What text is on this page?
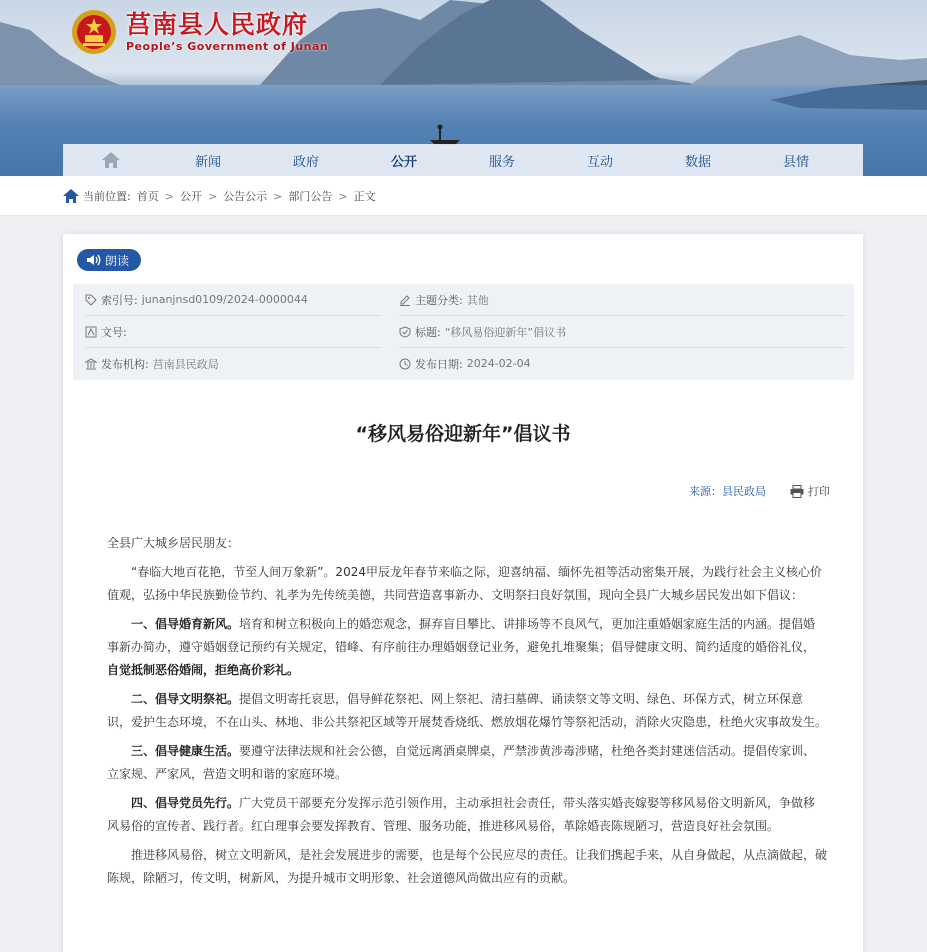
莒南县人民政府
People’s Government of Junan
新闻	政府	公开	服务	互动	数据	县情
当前位置: 首页 > 公开 > 公告公示 > 部门公告 > 正文
朗读
索引号: junanjnsd0109/2024-0000044	主题分类: 其他
文号:	标题: “移风易俗迎新年”倡议书
发布机构: 莒南县民政局	发布日期: 2024-02-04
“移风易俗迎新年”倡议书
来源：县民政局	打印

全县广大城乡居民朋友：

“春临大地百花艳，节至人间万象新”。2024甲辰龙年春节来临之际，迎喜纳福、缅怀先祖等活动密集开展，为践行社会主义核心价值观，弘扬中华民族勤俭节约、礼孝为先传统美德，共同营造喜事新办、文明祭扫良好氛围，现向全县广大城乡居民发出如下倡议：

一、倡导婚育新风。培育和树立积极向上的婚恋观念，摒弃盲目攀比、讲排场等不良风气，更加注重婚姻家庭生活的内涵。提倡婚事新办简办，遵守婚姻登记预约有关规定，错峰、有序前往办理婚姻登记业务，避免扎堆聚集；倡导健康文明、简约适度的婚俗礼仪，自觉抵制恶俗婚闹，拒绝高价彩礼。

二、倡导文明祭祀。提倡文明寄托哀思，倡导鲜花祭祀、网上祭祀、清扫墓碑、诵读祭文等文明、绿色、环保方式，树立环保意识，爱护生态环境，不在山头、林地、非公共祭祀区域等开展焚香烧纸、燃放烟花爆竹等祭祀活动，消除火灾隐患，杜绝火灾事故发生。

三、倡导健康生活。要遵守法律法规和社会公德，自觉远离酒桌牌桌，严禁涉黄涉毒涉赌，杜绝各类封建迷信活动。提倡传家训、立家规、严家风，营造文明和谐的家庭环境。

四、倡导党员先行。广大党员干部要充分发挥示范引领作用，主动承担社会责任，带头落实婚丧嫁娶等移风易俗文明新风，争做移风易俗的宣传者、践行者。红白理事会要发挥教育、管理、服务功能，推进移风易俗，革除婚丧陈规陋习，营造良好社会氛围。

推进移风易俗，树立文明新风，是社会发展进步的需要，也是每个公民应尽的责任。让我们携起手来，从自身做起，从点滴做起，破陈规，除陋习，传文明，树新风，为提升城市文明形象、社会道德风尚做出应有的贡献。
